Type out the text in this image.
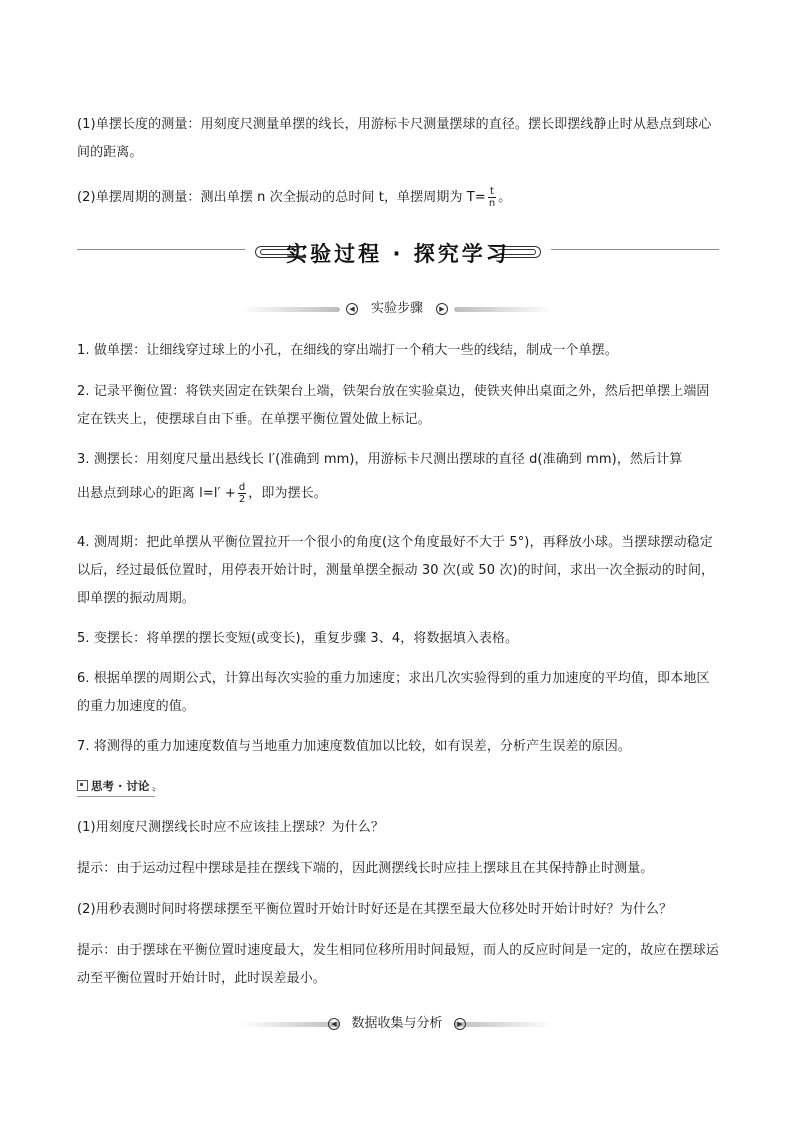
(1)单摆长度的测量：用刻度尺测量单摆的线长，用游标卡尺测量摆球的直径。摆长即摆线静止时从悬点到球心间的距离。
(2)单摆周期的测量：测出单摆 n 次全振动的总时间 t，单摆周期为 $T= \frac{t}{n}$ 。
实验过程 · 探究学习
◀	▶
实验步骤
1. 做单摆：让细线穿过球上的小孔，在细线的穿出端打一个稍大一些的线结，制成一个单摆。
2. 记录平衡位置：将铁夹固定在铁架台上端，铁架台放在实验桌边，使铁夹伸出桌面之外，然后把单摆上端固定在铁夹上，使摆球自由下垂。在单摆平衡位置处做上标记。
3. 测摆长：用刻度尺量出悬线长 l′(准确到 mm)，用游标卡尺测出摆球的直径 d(准确到 mm)，然后计算
出悬点到球心的距离 $l=l' + \frac{d}{2}$ ，即为摆长。
4. 测周期：把此单摆从平衡位置拉开一个很小的角度(这个角度最好不大于 5°)，再释放小球。当摆球摆动稳定以后，经过最低位置时，用停表开始计时，测量单摆全振动 30 次(或 50 次)的时间，求出一次全振动的时间，即单摆的振动周期。
5. 变摆长：将单摆的摆长变短(或变长)，重复步骤 3、4，将数据填入表格。
6. 根据单摆的周期公式，计算出每次实验的重力加速度；求出几次实验得到的重力加速度的平均值，即本地区的重力加速度的值。
7. 将测得的重力加速度数值与当地重力加速度数值加以比较，如有误差，分析产生误差的原因。
思考 · 讨论 〟
(1)用刻度尺测摆线长时应不应该挂上摆球？为什么？
提示：由于运动过程中摆球是挂在摆线下端的，因此测摆线长时应挂上摆球且在其保持静止时测量。
(2)用秒表测时间时将摆球摆至平衡位置时开始计时好还是在其摆至最大位移处时开始计时好？为什么？
提示：由于摆球在平衡位置时速度最大，发生相同位移所用时间最短，而人的反应时间是一定的，故应在摆球运动至平衡位置时开始计时，此时误差最小。
◀	▶
数据收集与分析
